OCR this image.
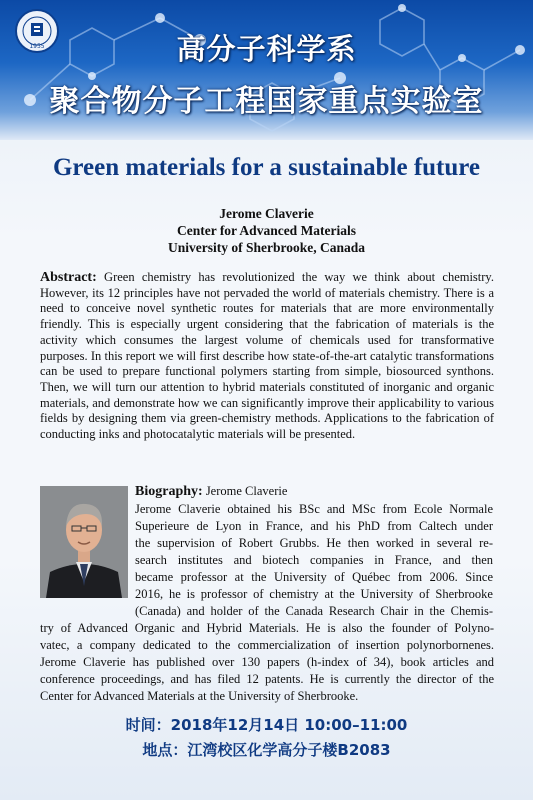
1955	高分子科学系
聚合物分子工程国家重点实验室
Green materials for a sustainable future
Jerome Claverie
Center for Advanced Materials
University of Sherbrooke, Canada

Abstract: Green chemistry has revolutionized the way we think about chemistry. However, its 12 principles have not pervaded the world of materials chemistry. There is a need to conceive novel synthetic routes for materials that are more environmentally friendly. This is especially urgent considering that the fabrication of materials is the activity which consumes the largest volume of chemicals used for transformative purposes. In this report we will first describe how state-of-the-art catalytic transformations can be used to prepare functional polymers starting from simple, biosourced synthons. Then, we will turn our attention to hybrid materials constituted of inorganic and organic materials, and demonstrate how we can significantly improve their applicability to various fields by designing them via green-chemistry methods. Applications to the fabrication of conducting inks and photocatalytic materials will be presented.

Biography: Jerome Claverie
Jerome Claverie obtained his BSc and MSc from Ecole Normale
Superieure de Lyon in France, and his PhD from Caltech under
the supervision of Robert Grubbs. He then worked in several re-
search institutes and biotech companies in France, and then
became professor at the University of Québec from 2006. Since
2016, he is professor of chemistry at the University of Sherbrooke
(Canada) and holder of the Canada Research Chair in the Chemis-
try of Advanced Organic and Hybrid Materials. He is also the founder of Polyno-
vatec, a company dedicated to the commercialization of insertion polynorbornenes.
Jerome Claverie has published over 130 papers (h-index of 34), book articles and
conference proceedings, and has filed 12 patents. He is currently the director of the
Center for Advanced Materials at the University of Sherbrooke.
时间：2018年12月14日 10:00–11:00
地点：江湾校区化学高分子楼B2083
